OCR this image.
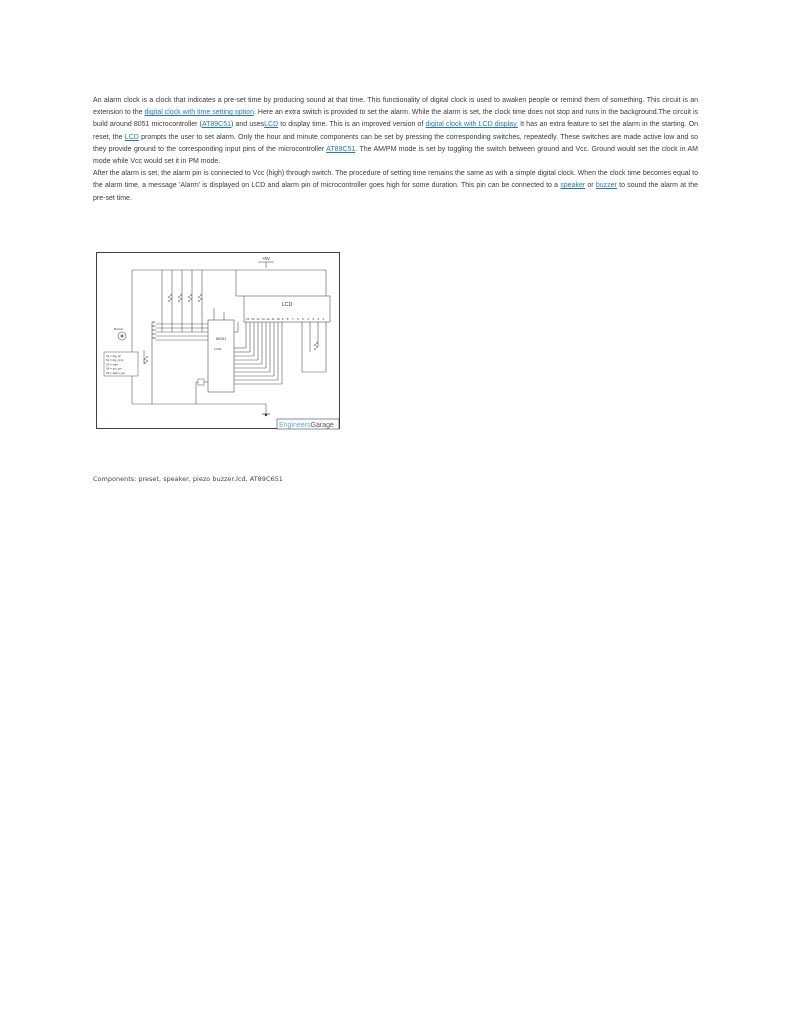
An alarm clock is a clock that indicates a pre-set time by producing sound at that time. This functionality of digital clock is used to awaken people or remind them of something. This circuit is an extension to the digital clock with time setting option. Here an extra switch is provided to set the alarm. While the alarm is set, the clock time does not stop and runs in the background.The circuit is build around 8051 microcontroller (AT89C51) and usesLCD to display time. This is an improved version of digital clock with LCD display. It has an extra feature to set the alarm in the starting. On reset, the LCD prompts the user to set alarm. Only the hour and minute components can be set by pressing the corresponding switches, repeatedly. These switches are made active low and so they provide ground to the corresponding input pins of the microcontroller AT89C51. The AM/PM mode is set by toggling the switch between ground and Vcc. Ground would set the clock in AM mode while Vcc would set it in PM mode.

After the alarm is set, the alarm pin is connected to Vcc (high) through switch. The procedure of setting time remains the same as with a simple digital clock. When the clock time becomes equal to the alarm time, a message ‘Alarm’ is displayed on LCD and alarm pin of microcontroller goes high for some duration. This pin can be connected to a speaker or buzzer to sound the alarm at the pre-set time.

+5V
LCD
89C51
LCD1
Buzzer
16 15 14 13 12 11 10 9 8 7 6 5 4 3 2 1
S1
S2
S3
S4
S5
S1 = dig_hr/
S2 = dig_min/
S3 = start
S4 = am_pm
S5 = alarm_set
EngineersGarage
Components: preset, speaker, piezo buzzer,lcd, AT89C651
